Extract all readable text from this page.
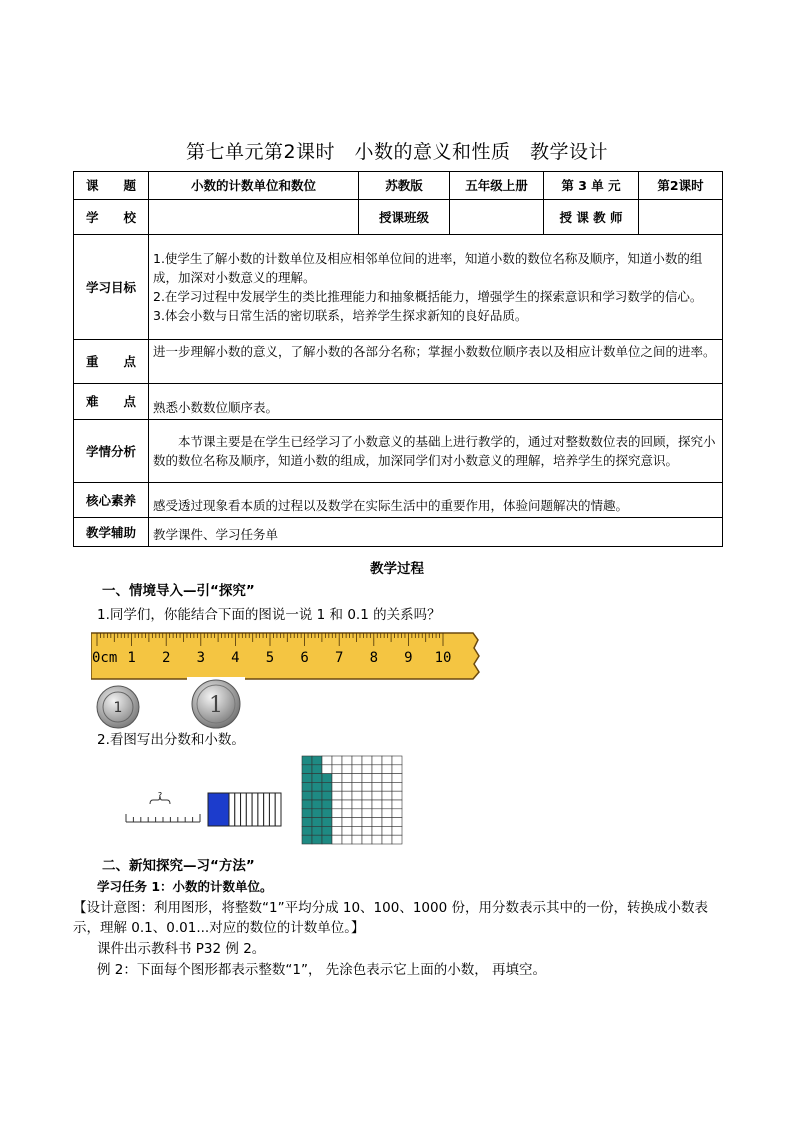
第七单元第2课时　小数的意义和性质　教学设计
课　　题	小数的计数单位和数位	苏教版	五年级上册	第 3 单 元	第2课时
学　　校		授课班级		授 课 教 师	
学习目标	1.使学生了解小数的计数单位及相应相邻单位间的进率，知道小数的数位名称及顺序，知道小数的组成，加深对小数意义的理解。
2.在学习过程中发展学生的类比推理能力和抽象概括能力，增强学生的探索意识和学习数学的信心。
3.体会小数与日常生活的密切联系，培养学生探求新知的良好品质。				

重　　点	进一步理解小数的意义，了解小数的各部分名称；掌握小数数位顺序表以及相应计数单位之间的进率。				
难　　点	熟悉小数数位顺序表。				
学情分析	本节课主要是在学生已经学习了小数意义的基础上进行教学的，通过对整数数位表的回顾，探究小数的数位名称及顺序，知道小数的组成，加深同学们对小数意义的理解，培养学生的探究意识。				
核心素养	感受透过现象看本质的过程以及数学在实际生活中的重要作用，体验问题解决的情趣。				
教学辅助	教学课件、学习任务单				
教学过程
一、情境导入—引“探究”
1.同学们，你能结合下面的图说一说 1 和 0.1 的关系吗？
0cm 1 2 3 4 5 6 7 8 9 10
1	1
2.看图写出分数和小数。
?
二、新知探究—习“方法”
学习任务 1：小数的计数单位。
【设计意图：利用图形，将整数“1”平均分成 10、100、1000 份，用分数表示其中的一份，转换成小数表示，理解 0.1、0.01...对应的数位的计数单位。】
课件出示教科书 P32 例 2。
例 2：下面每个图形都表示整数“1”， 先涂色表示它上面的小数， 再填空。
